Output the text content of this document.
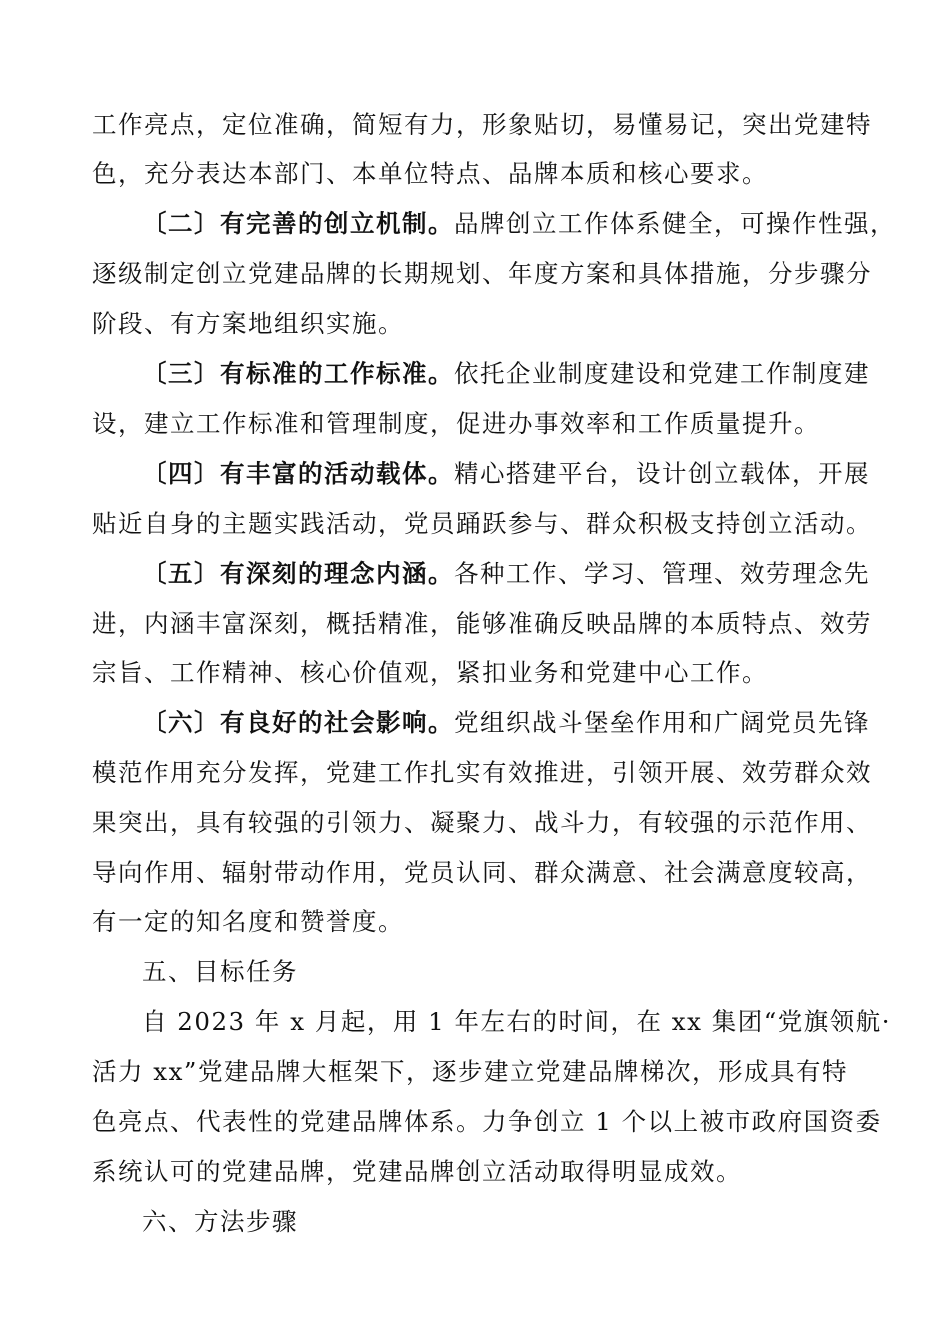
工作亮点，定位准确，简短有力，形象贴切，易懂易记，突出党建特
色，充分表达本部门、本单位特点、品牌本质和核心要求。
〔二〕有完善的创立机制。品牌创立工作体系健全，可操作性强，
逐级制定创立党建品牌的长期规划、年度方案和具体措施，分步骤分
阶段、有方案地组织实施。
〔三〕有标准的工作标准。依托企业制度建设和党建工作制度建
设，建立工作标准和管理制度，促进办事效率和工作质量提升。
〔四〕有丰富的活动载体。精心搭建平台，设计创立载体，开展
贴近自身的主题实践活动，党员踊跃参与、群众积极支持创立活动。
〔五〕有深刻的理念内涵。各种工作、学习、管理、效劳理念先
进，内涵丰富深刻，概括精准，能够准确反映品牌的本质特点、效劳
宗旨、工作精神、核心价值观，紧扣业务和党建中心工作。
〔六〕有良好的社会影响。党组织战斗堡垒作用和广阔党员先锋
模范作用充分发挥，党建工作扎实有效推进，引领开展、效劳群众效
果突出，具有较强的引领力、凝聚力、战斗力，有较强的示范作用、
导向作用、辐射带动作用，党员认同、群众满意、社会满意度较高，
有一定的知名度和赞誉度。
五、目标任务
自 2023 年 x 月起，用 1 年左右的时间，在 xx 集团“党旗领航·
活力 xx”党建品牌大框架下，逐步建立党建品牌梯次，形成具有特
色亮点、代表性的党建品牌体系。力争创立 1 个以上被市政府国资委
系统认可的党建品牌，党建品牌创立活动取得明显成效。
六、方法步骤
